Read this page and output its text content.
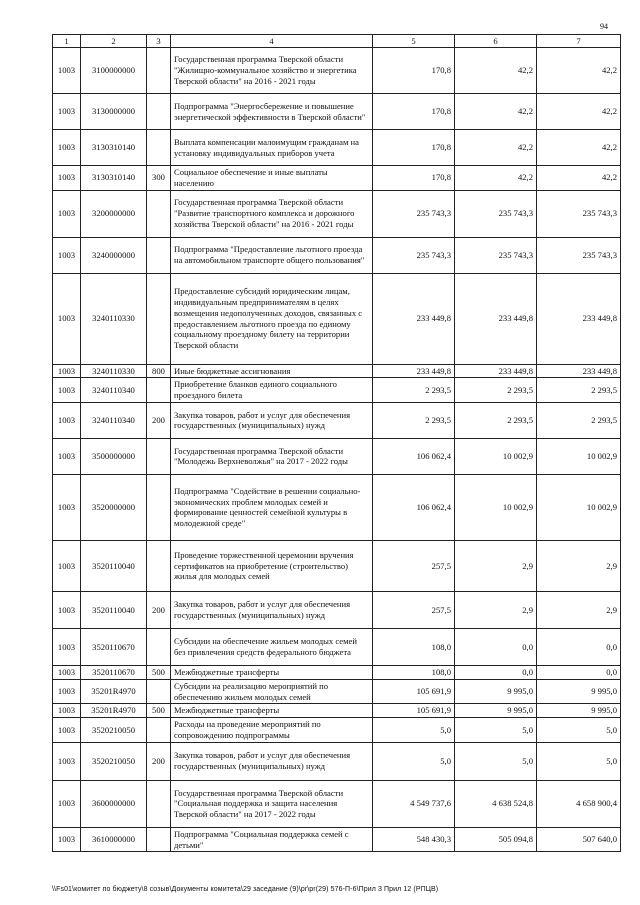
94
1	2	3	4	5	6	7
1003	3100000000		Государственная программа Тверской области "Жилищно-коммунальное хозяйство и энергетика Тверской области" на 2016 - 2021 годы	170,8	42,2	42,2
1003	3130000000		Подпрограмма "Энергосбережение и повышение энергетической эффективности в Тверской области"	170,8	42,2	42,2
1003	3130310140		Выплата компенсации малоимущим гражданам на установку индивидуальных приборов учета	170,8	42,2	42,2
1003	3130310140	300	Социальное обеспечение и иные выплаты населению	170,8	42,2	42,2
1003	3200000000		Государственная программа Тверской области "Развитие транспортного комплекса и дорожного хозяйства Тверской области" на 2016 - 2021 годы	235 743,3	235 743,3	235 743,3
1003	3240000000		Подпрограмма "Предоставление льготного проезда на автомобильном транспорте общего пользования"	235 743,3	235 743,3	235 743,3
1003	3240110330		Предоставление субсидий юридическим лицам, индивидуальным предпринимателям в целях возмещения недополученных доходов, связанных с предоставлением льготного проезда по единому социальному проездному билету на территории Тверской области	233 449,8	233 449,8	233 449,8
1003	3240110330	800	Иные бюджетные ассигнования	233 449,8	233 449,8	233 449,8
1003	3240110340		Приобретение бланков единого социального проездного билета	2 293,5	2 293,5	2 293,5
1003	3240110340	200	Закупка товаров, работ и услуг для обеспечения государственных (муниципальных) нужд	2 293,5	2 293,5	2 293,5
1003	3500000000		Государственная программа Тверской области "Молодежь Верхневолжья" на 2017 - 2022 годы	106 062,4	10 002,9	10 002,9
1003	3520000000		Подпрограмма "Содействие в решении социально-экономических проблем молодых семей и формирование ценностей семейной культуры в молодежной среде"	106 062,4	10 002,9	10 002,9
1003	3520110040		Проведение торжественной церемонии вручения сертификатов на приобретение (строительство) жилья для молодых семей	257,5	2,9	2,9
1003	3520110040	200	Закупка товаров, работ и услуг для обеспечения государственных (муниципальных) нужд	257,5	2,9	2,9
1003	3520110670		Субсидии на обеспечение жильем молодых семей без привлечения средств федерального бюджета	108,0	0,0	0,0
1003	3520110670	500	Межбюджетные трансферты	108,0	0,0	0,0
1003	35201R4970		Субсидии на реализацию мероприятий по обеспечению жильем молодых семей	105 691,9	9 995,0	9 995,0
1003	35201R4970	500	Межбюджетные трансферты	105 691,9	9 995,0	9 995,0
1003	3520210050		Расходы на проведение мероприятий по сопровождению подпрограммы	5,0	5,0	5,0
1003	3520210050	200	Закупка товаров, работ и услуг для обеспечения государственных (муниципальных) нужд	5,0	5,0	5,0
1003	3600000000		Государственная программа Тверской области "Социальная поддержка и защита населения Тверской области" на 2017 - 2022 годы	4 549 737,6	4 638 524,8	4 658 900,4
1003	3610000000		Подпрограмма "Социальная поддержка семей с детьми"	548 430,3	505 094,8	507 640,0
\\Fs01\комитет по бюджету\8 созыв\Документы комитета\29 заседание (9)\pr\pr(29) 576-П-6\Прил 3 Прил 12 (РПЦВ)
